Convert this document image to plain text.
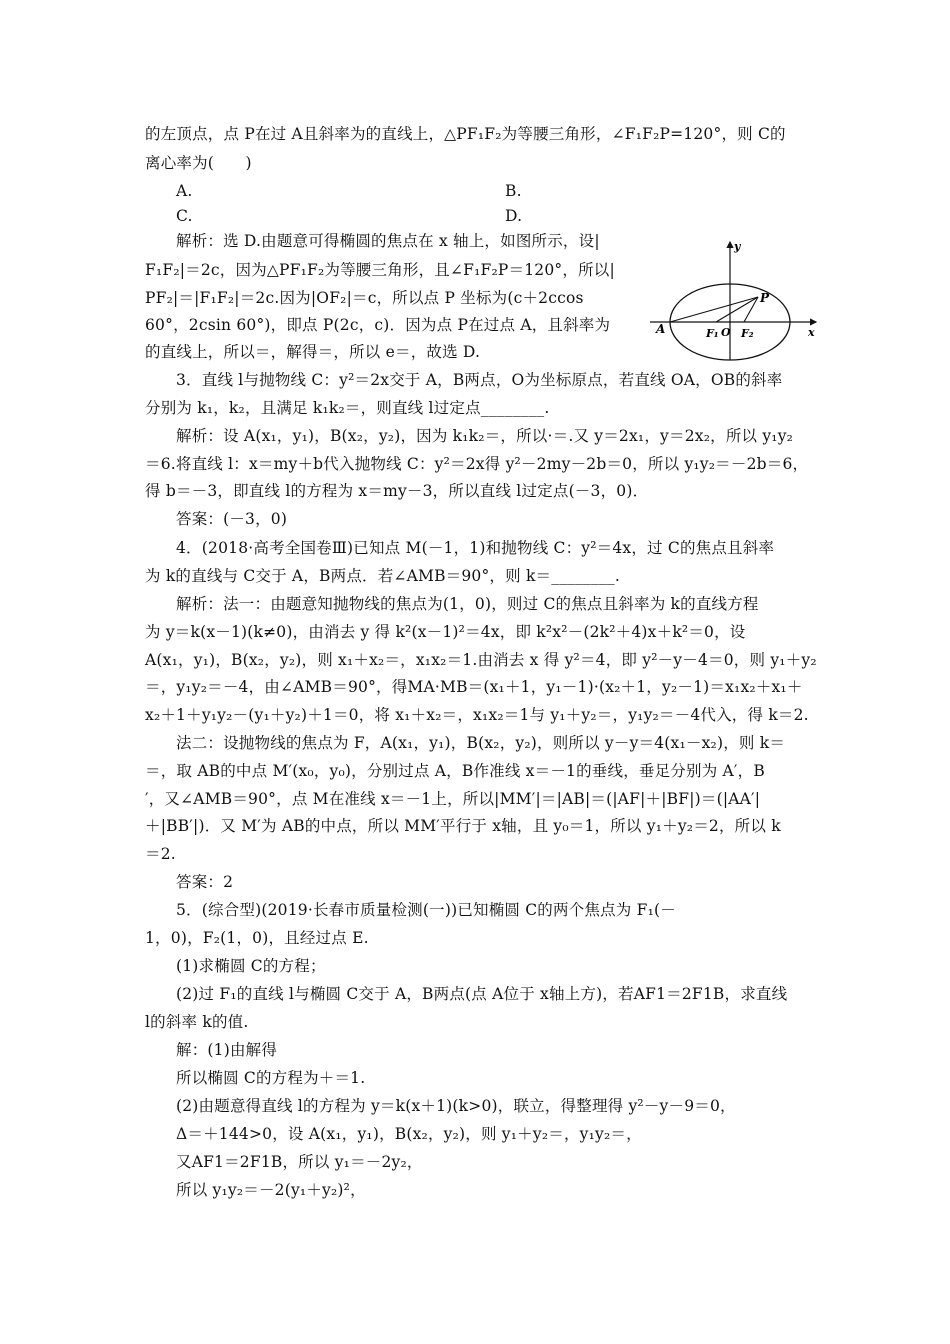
的左顶点，点 P在过 A且斜率为的直线上，△PF₁F₂为等腰三角形，∠F₁F₂P=120°，则 C的
离心率为(　　)
A.	B.
C.	D.
解析：选 D.由题意可得椭圆的焦点在 x 轴上，如图所示，设|
F₁F₂|＝2c，因为△PF₁F₂为等腰三角形，且∠F₁F₂P＝120°，所以|
PF₂|＝|F₁F₂|＝2c.因为|OF₂|＝c，所以点 P 坐标为(c＋2ccos
60°，2csin 60°)，即点 P(2c，c)．因为点 P在过点 A，且斜率为
的直线上，所以＝，解得＝，所以 e＝，故选 D.
3．直线 l与抛物线 C：y²＝2x交于 A，B两点，O为坐标原点，若直线 OA，OB的斜率
分别为 k₁，k₂，且满足 k₁k₂＝，则直线 l过定点________.
解析：设 A(x₁，y₁)，B(x₂，y₂)，因为 k₁k₂＝，所以·＝.又 y＝2x₁，y＝2x₂，所以 y₁y₂
＝6.将直线 l：x＝my＋b代入抛物线 C：y²＝2x得 y²－2my－2b＝0，所以 y₁y₂＝－2b＝6，
得 b＝－3，即直线 l的方程为 x＝my－3，所以直线 l过定点(－3，0)．
答案：(－3，0)
4．(2018·高考全国卷Ⅲ)已知点 M(－1，1)和抛物线 C：y²＝4x，过 C的焦点且斜率
为 k的直线与 C交于 A，B两点．若∠AMB＝90°，则 k＝________.
解析：法一：由题意知抛物线的焦点为(1，0)，则过 C的焦点且斜率为 k的直线方程
为 y＝k(x－1)(k≠0)，由消去 y 得 k²(x－1)²＝4x，即 k²x²－(2k²＋4)x＋k²＝0，设
A(x₁，y₁)，B(x₂，y₂)，则 x₁＋x₂＝，x₁x₂＝1.由消去 x 得 y²＝4，即 y²－y－4＝0，则 y₁＋y₂
＝，y₁y₂＝－4，由∠AMB＝90°，得MA·MB＝(x₁＋1，y₁－1)·(x₂＋1，y₂－1)＝x₁x₂＋x₁＋
x₂＋1＋y₁y₂－(y₁＋y₂)＋1＝0，将 x₁＋x₂＝，x₁x₂＝1与 y₁＋y₂＝，y₁y₂＝－4代入，得 k＝2.
法二：设抛物线的焦点为 F，A(x₁，y₁)，B(x₂，y₂)，则所以 y－y＝4(x₁－x₂)，则 k＝
＝，取 AB的中点 M′(x₀，y₀)，分别过点 A，B作准线 x＝－1的垂线，垂足分别为 A′，B
′，又∠AMB＝90°，点 M在准线 x＝－1上，所以|MM′|＝|AB|＝(|AF|＋|BF|)＝(|AA′|
＋|BB′|)．又 M′为 AB的中点，所以 MM′平行于 x轴，且 y₀＝1，所以 y₁＋y₂＝2，所以 k
＝2.
答案：2
5．(综合型)(2019·长春市质量检测(一))已知椭圆 C的两个焦点为 F₁(－
1，0)，F₂(1，0)，且经过点 E.
(1)求椭圆 C的方程；
(2)过 F₁的直线 l与椭圆 C交于 A，B两点(点 A位于 x轴上方)，若AF1＝2F1B，求直线
l的斜率 k的值.
解：(1)由解得
所以椭圆 C的方程为＋＝1.
(2)由题意得直线 l的方程为 y＝k(x＋1)(k>0)，联立，得整理得 y²－y－9＝0，
Δ＝＋144>0，设 A(x₁，y₁)，B(x₂，y₂)，则 y₁＋y₂＝，y₁y₂＝，
又AF1＝2F1B，所以 y₁＝－2y₂，
所以 y₁y₂＝－2(y₁＋y₂)²，
y
x
P
A	F₁ O F₂
